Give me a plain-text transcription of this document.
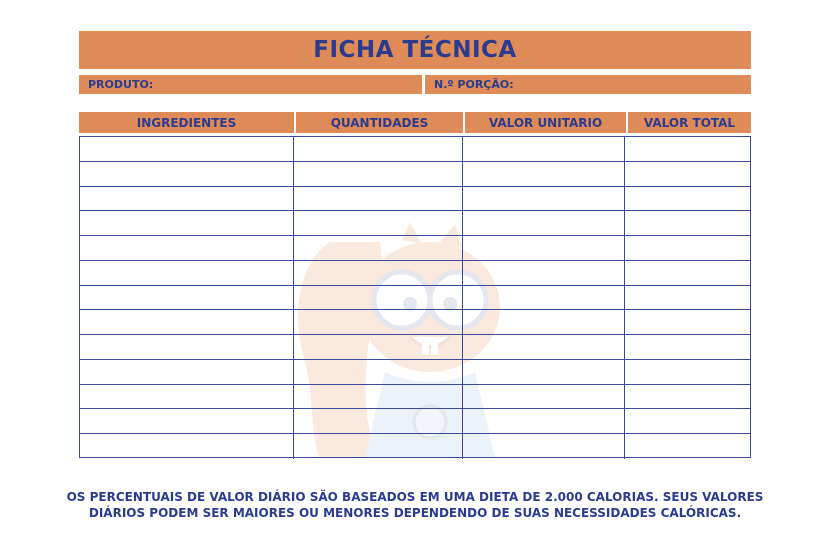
FICHA TÉCNICA
PRODUTO:	N.º PORÇÃO:
INGREDIENTES	QUANTIDADES	VALOR UNITARIO	VALOR TOTAL
OS PERCENTUAIS DE VALOR DIÁRIO SÃO BASEADOS EM UMA DIETA DE 2.000 CALORIAS. SEUS VALORES
DIÁRIOS PODEM SER MAIORES OU MENORES DEPENDENDO DE SUAS NECESSIDADES CALÓRICAS.
